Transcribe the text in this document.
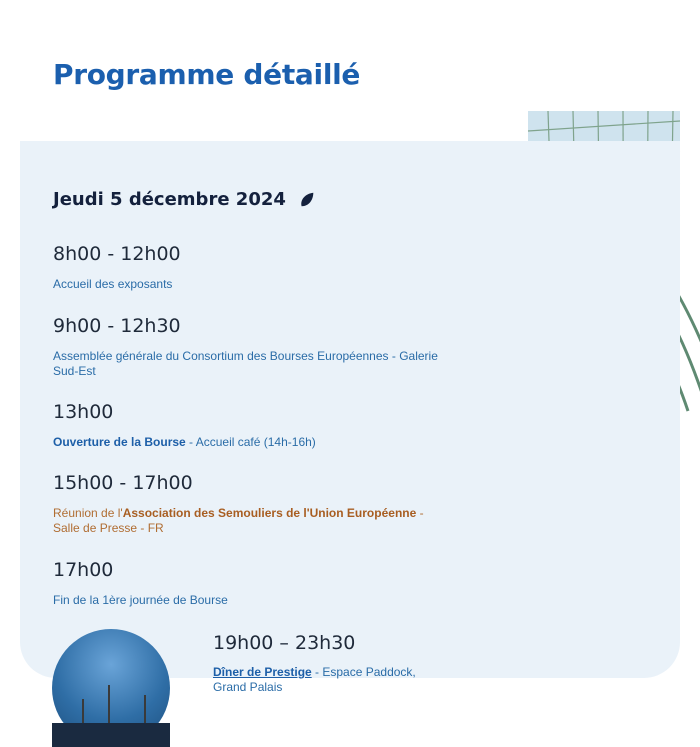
Programme détaillé
Jeudi 5 décembre 2024
8h00 - 12h00
Accueil des exposants
9h00 - 12h30
Assemblée générale du Consortium des Bourses Européennes - Galerie Sud-Est
13h00
Ouverture de la Bourse - Accueil café (14h-16h)
15h00 - 17h00
Réunion de l'Association des Semouliers de l'Union Européenne - Salle de Presse - FR
17h00
Fin de la 1ère journée de Bourse
19h00 – 23h30
Dîner de Prestige - Espace Paddock,
Grand Palais
